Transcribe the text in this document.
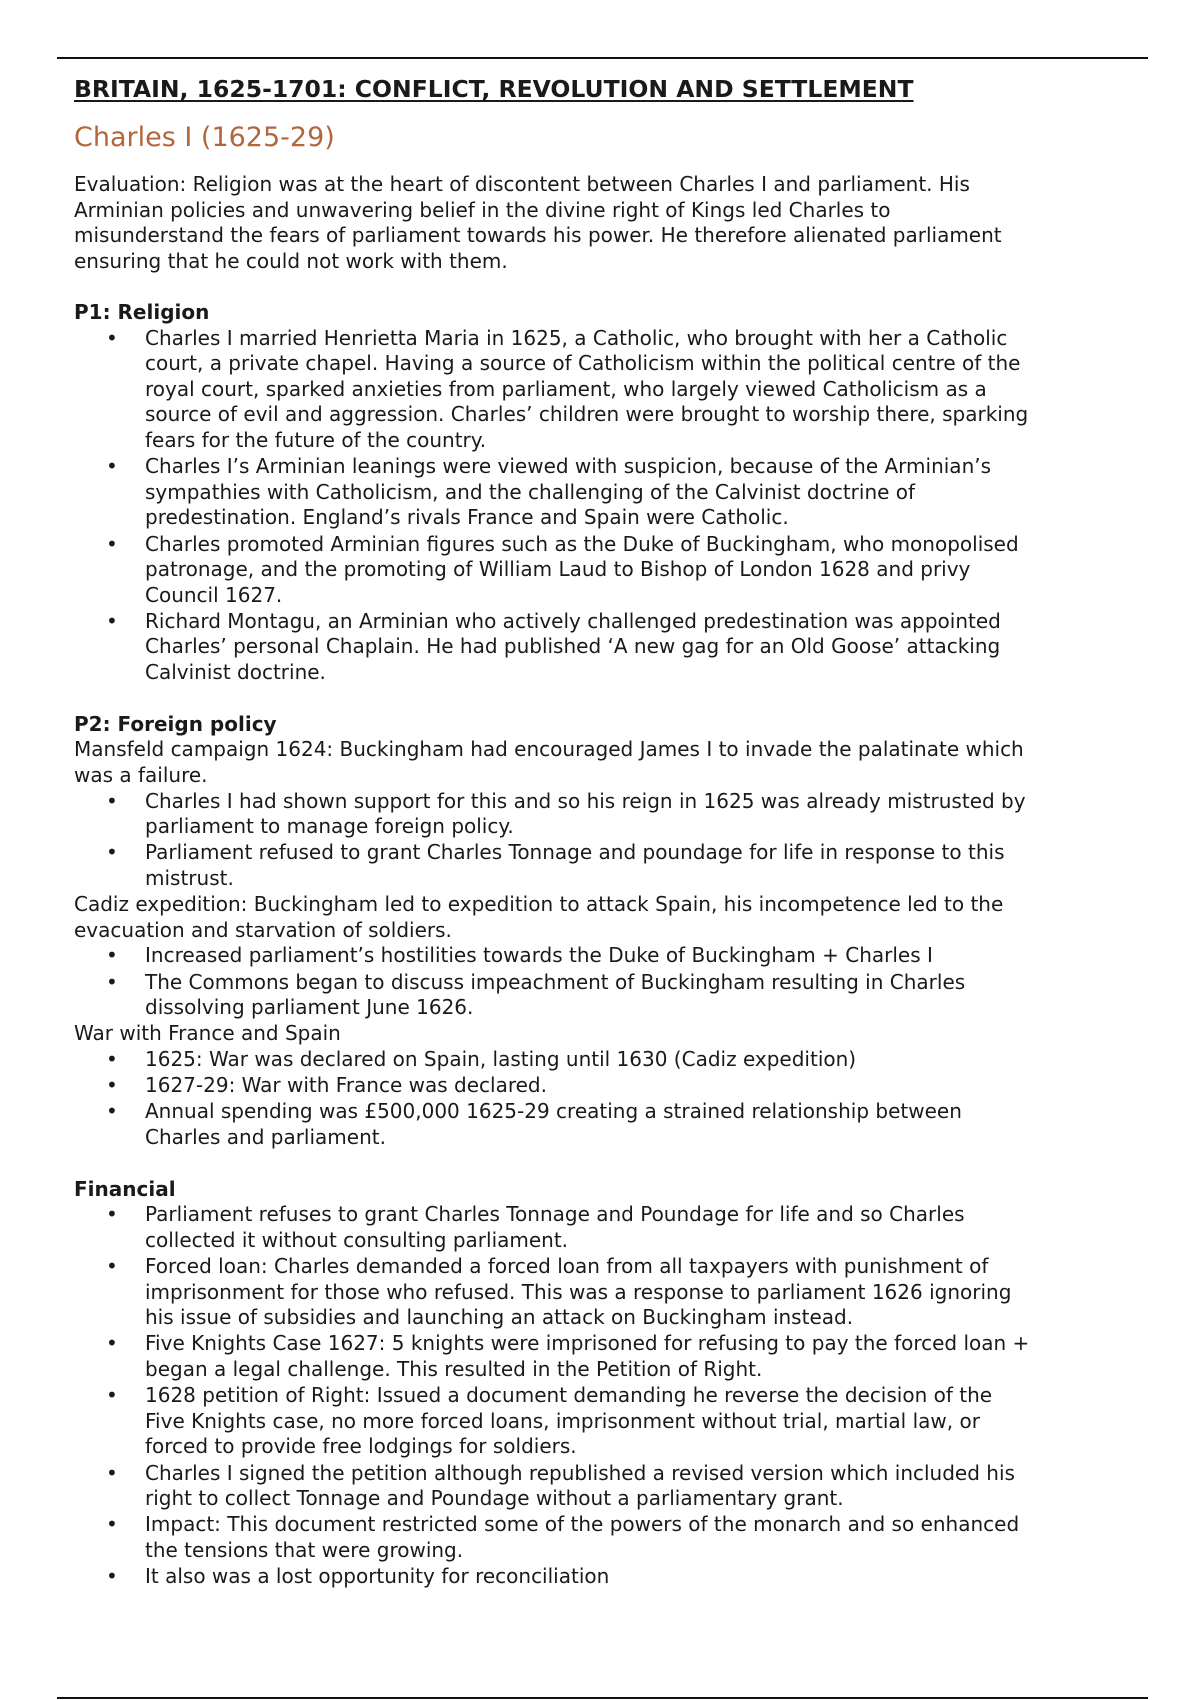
BRITAIN, 1625-1701: CONFLICT, REVOLUTION AND SETTLEMENT
Charles I (1625-29)
Evaluation: Religion was at the heart of discontent between Charles I and parliament. His
Arminian policies and unwavering belief in the divine right of Kings led Charles to
misunderstand the fears of parliament towards his power. He therefore alienated parliament
ensuring that he could not work with them.
P1: Religion
• Charles I married Henrietta Maria in 1625, a Catholic, who brought with her a Catholic
court, a private chapel. Having a source of Catholicism within the political centre of the
royal court, sparked anxieties from parliament, who largely viewed Catholicism as a
source of evil and aggression. Charles’ children were brought to worship there, sparking
fears for the future of the country.
• Charles I’s Arminian leanings were viewed with suspicion, because of the Arminian’s
sympathies with Catholicism, and the challenging of the Calvinist doctrine of
predestination. England’s rivals France and Spain were Catholic.
• Charles promoted Arminian figures such as the Duke of Buckingham, who monopolised
patronage, and the promoting of William Laud to Bishop of London 1628 and privy
Council 1627.
• Richard Montagu, an Arminian who actively challenged predestination was appointed
Charles’ personal Chaplain. He had published ‘A new gag for an Old Goose’ attacking
Calvinist doctrine.
P2: Foreign policy
Mansfeld campaign 1624: Buckingham had encouraged James I to invade the palatinate which
was a failure.
• Charles I had shown support for this and so his reign in 1625 was already mistrusted by
parliament to manage foreign policy.
• Parliament refused to grant Charles Tonnage and poundage for life in response to this
mistrust.
Cadiz expedition: Buckingham led to expedition to attack Spain, his incompetence led to the
evacuation and starvation of soldiers.
• Increased parliament’s hostilities towards the Duke of Buckingham + Charles I
• The Commons began to discuss impeachment of Buckingham resulting in Charles
dissolving parliament June 1626.
War with France and Spain
• 1625: War was declared on Spain, lasting until 1630 (Cadiz expedition)
• 1627-29: War with France was declared.
• Annual spending was £500,000 1625-29 creating a strained relationship between
Charles and parliament.
Financial
• Parliament refuses to grant Charles Tonnage and Poundage for life and so Charles
collected it without consulting parliament.
• Forced loan: Charles demanded a forced loan from all taxpayers with punishment of
imprisonment for those who refused. This was a response to parliament 1626 ignoring
his issue of subsidies and launching an attack on Buckingham instead.
• Five Knights Case 1627: 5 knights were imprisoned for refusing to pay the forced loan +
began a legal challenge. This resulted in the Petition of Right.
• 1628 petition of Right: Issued a document demanding he reverse the decision of the
Five Knights case, no more forced loans, imprisonment without trial, martial law, or
forced to provide free lodgings for soldiers.
• Charles I signed the petition although republished a revised version which included his
right to collect Tonnage and Poundage without a parliamentary grant.
• Impact: This document restricted some of the powers of the monarch and so enhanced
the tensions that were growing.
• It also was a lost opportunity for reconciliation
